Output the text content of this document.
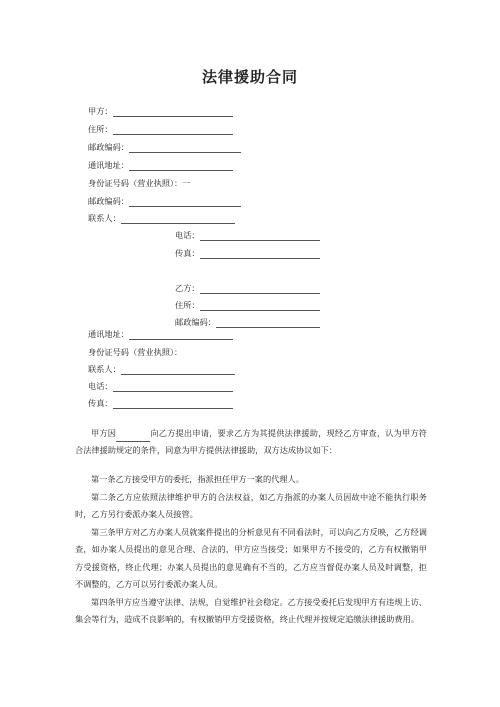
法律援助合同
甲方：
住所：
邮政编码：
通讯地址：
身份证号码（营业执照）：一
邮政编码：
联系人：
电话：
传真：
乙方：
住所：
邮政编码：
通讯地址：
身份证号码（营业执照）：
联系人：
电话：
传真：
甲方因	向乙方提出申请，要求乙方为其提供法律援助，现经乙方审查，认为甲方符合法律援助规定的条件，同意为甲方提供法律援助，双方达成协议如下：
第一条乙方接受甲方的委托，指派担任甲方一案的代理人。
第二条乙方应依照法律维护甲方的合法权益，如乙方指派的办案人员因故中途不能执行职务时，乙方另行委派办案人员接管。
第三条甲方对乙方办案人员就案件提出的分析意见有不同看法时，可以向乙方反映，乙方经调查，如办案人员提出的意见合理、合法的，甲方应当接受；如果甲方不接受的，乙方有权撤销甲方受援资格，终止代理；办案人员提出的意见确有不当的，乙方应当督促办案人员及时调整，拒不调整的，乙方可以另行委派办案人员。
第四条甲方应当遵守法律、法规，自觉维护社会稳定。乙方接受委托后发现甲方有违规上访、集会等行为，造成不良影响的，有权撤销甲方受援资格，终止代理并按规定追缴法律援助费用。
